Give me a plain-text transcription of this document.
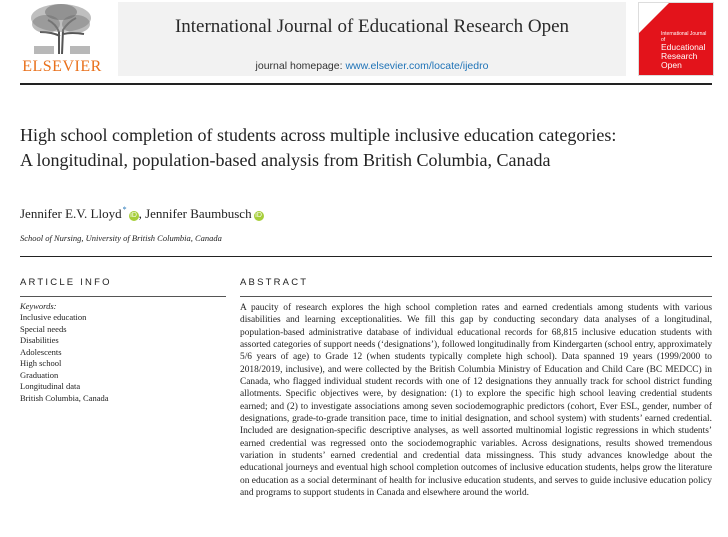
ELSEVIER
International Journal of Educational Research Open
journal homepage: www.elsevier.com/locate/ijedro
International Journal of
Educational Research Open
High school completion of students across multiple inclusive education categories: A longitudinal, population-based analysis from British Columbia, Canada
Jennifer E.V. Lloyd*iD , Jennifer Baumbusch iD
School of Nursing, University of British Columbia, Canada
ARTICLE INFO
Keywords:
Inclusive education
Special needs
Disabilities
Adolescents
High school
Graduation
Longitudinal data
British Columbia, Canada
ABSTRACT
A paucity of research explores the high school completion rates and earned credentials among students with various disabilities and learning exceptionalities. We fill this gap by conducting secondary data analyses of a longitudinal, population-based administrative database of individual educational records for 68,815 inclusive education students with assorted categories of support needs (‘designations’), followed longitudinally from Kindergarten (school entry, approximately 5/6 years of age) to Grade 12 (when students typically complete high school). Data spanned 19 years (1999/2000 to 2018/2019, inclusive), and were collected by the British Columbia Ministry of Education and Child Care (BC MEDCC) in Canada, who flagged individual student records with one of 12 designations they annually track for school district funding allotments. Specific objectives were, by designation: (1) to explore the specific high school leaving credential students earned; and (2) to investigate associations among seven sociodemographic predictors (cohort, Ever ESL, gender, number of designations, grade-to-grade transition pace, time to initial designation, and school system) with students’ earned credential. Included are designation-specific descriptive analyses, as well assorted multinomial logistic regressions in which students’ earned credential was regressed onto the sociodemographic variables. Across designations, results showed tremendous variation in students’ earned credential and credential data missingness. This study advances knowledge about the educational journeys and eventual high school completion outcomes of inclusive education students, helps grow the literature on education as a social determinant of health for inclusive education students, and serves to guide inclusive education policy and programs to support students in Canada and elsewhere around the world.
